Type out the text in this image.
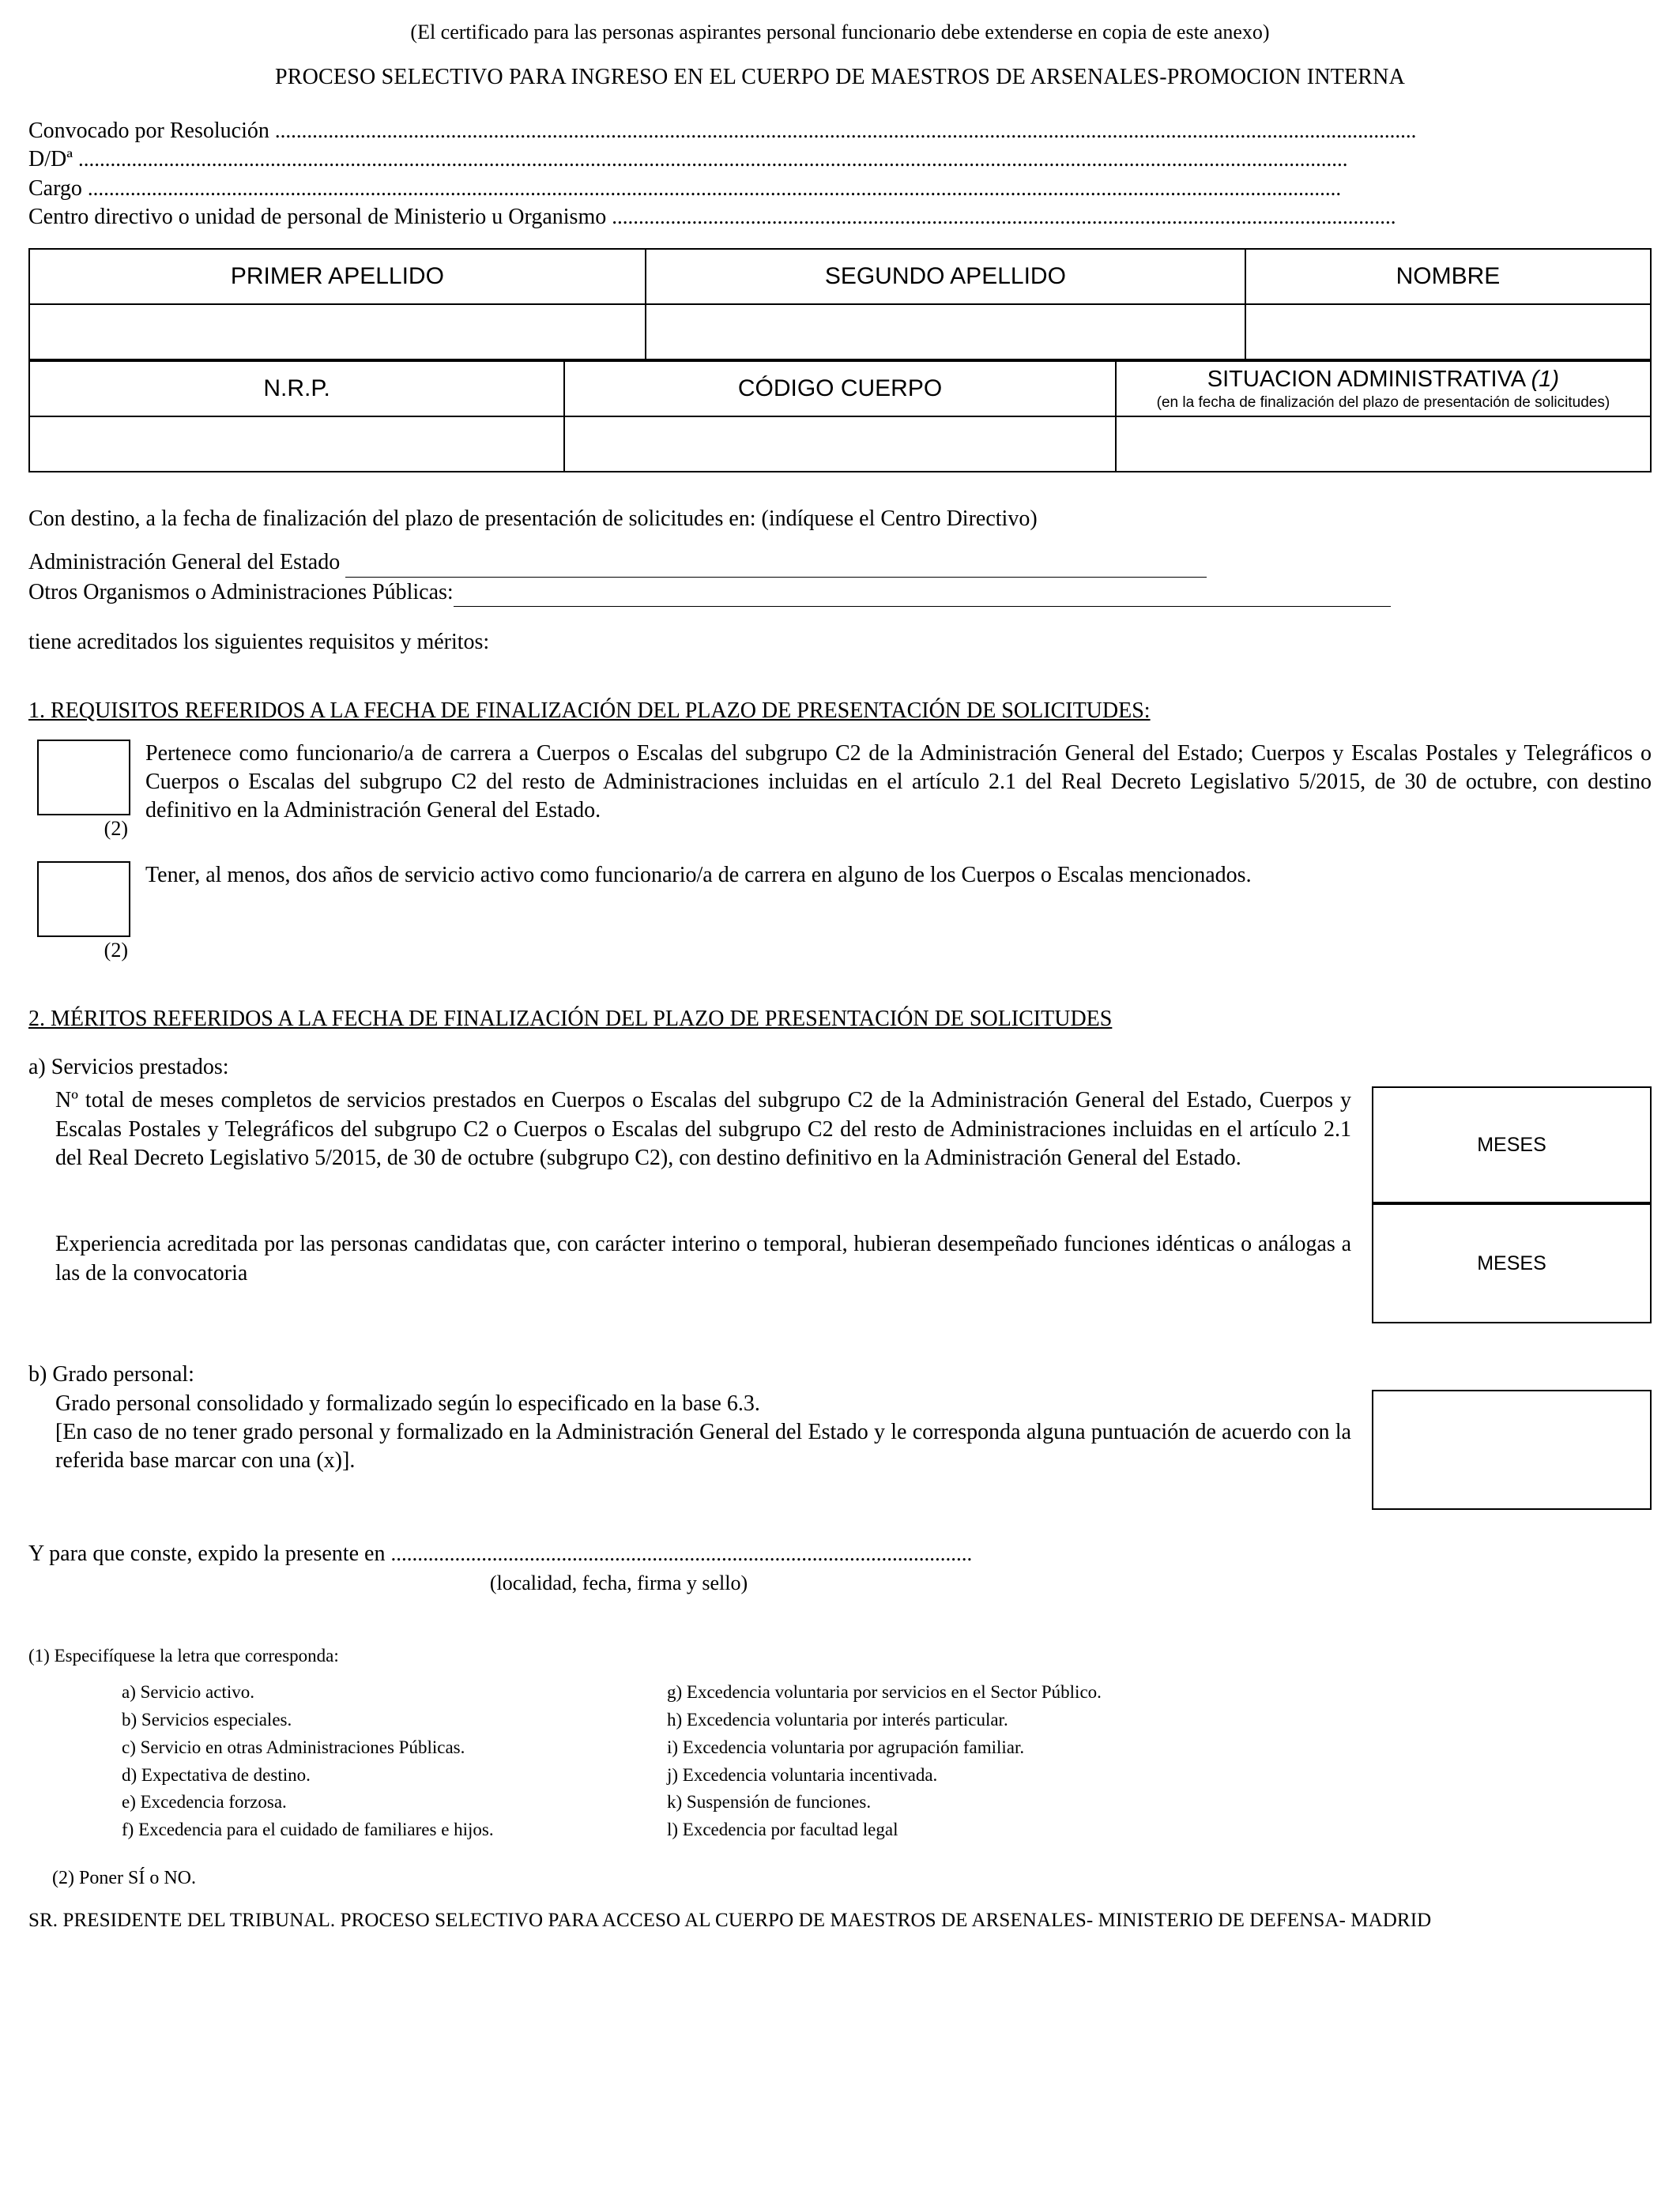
(El certificado para las personas aspirantes personal funcionario debe extenderse en copia de este anexo)
PROCESO SELECTIVO PARA INGRESO EN EL CUERPO DE MAESTROS DE ARSENALES-PROMOCION INTERNA
Convocado por Resolución ......................................................................................................................................................................................................................
D/Dª ..............................................................................................................................................................................................................................................
Cargo ...........................................................................................................................................................................................................................................
Centro directivo o unidad de personal de Ministerio u Organismo ...................................................................................................................................................
PRIMER APELLIDO	SEGUNDO APELLIDO	NOMBRE

N.R.P.	CÓDIGO CUERPO	SITUACION ADMINISTRATIVA (1)
(en la fecha de finalización del plazo de presentación de solicitudes)

Con destino, a la fecha de finalización del plazo de presentación de solicitudes en: (indíquese el Centro Directivo)
Administración General del Estado
Otros Organismos o Administraciones Públicas:
tiene acreditados los siguientes requisitos y méritos:
1. REQUISITOS REFERIDOS A LA FECHA DE FINALIZACIÓN DEL PLAZO DE PRESENTACIÓN DE SOLICITUDES:
(2)
Pertenece como funcionario/a de carrera a Cuerpos o Escalas del subgrupo C2 de la Administración General del Estado; Cuerpos y Escalas Postales y Telegráficos o Cuerpos o Escalas del subgrupo C2 del resto de Administraciones incluidas en el artículo 2.1 del Real Decreto Legislativo 5/2015, de 30 de octubre, con destino definitivo en la Administración General del Estado.
(2)
Tener, al menos, dos años de servicio activo como funcionario/a de carrera en alguno de los Cuerpos o Escalas mencionados.
2. MÉRITOS REFERIDOS A LA FECHA DE FINALIZACIÓN DEL PLAZO DE PRESENTACIÓN DE SOLICITUDES
a) Servicios prestados:
Nº total de meses completos de servicios prestados en Cuerpos o Escalas del subgrupo C2 de la Administración General del Estado, Cuerpos y Escalas Postales y Telegráficos del subgrupo C2 o Cuerpos o Escalas del subgrupo C2 del resto de Administraciones incluidas en el artículo 2.1 del Real Decreto Legislativo 5/2015, de 30 de octubre (subgrupo C2), con destino definitivo en la Administración General del Estado.
MESES
Experiencia acreditada por las personas candidatas que, con carácter interino o temporal, hubieran desempeñado funciones idénticas o análogas a las de la convocatoria	MESES
b) Grado personal:
Grado personal consolidado y formalizado según lo especificado en la base 6.3.
[En caso de no tener grado personal y formalizado en la Administración General del Estado y le corresponda alguna puntuación de acuerdo con la referida base marcar con una (x)].
Y para que conste, expido la presente en .............................................................................................................
(localidad, fecha, firma y sello)
(1) Especifíquese la letra que corresponda:
a) Servicio activo.
b) Servicios especiales.
c) Servicio en otras Administraciones Públicas.
d) Expectativa de destino.
e) Excedencia forzosa.
f) Excedencia para el cuidado de familiares e hijos.
g) Excedencia voluntaria por servicios en el Sector Público.
h) Excedencia voluntaria por interés particular.
i) Excedencia voluntaria por agrupación familiar.
j) Excedencia voluntaria incentivada.
k) Suspensión de funciones.
l) Excedencia por facultad legal
(2) Poner SÍ o NO.
SR. PRESIDENTE DEL TRIBUNAL. PROCESO SELECTIVO PARA ACCESO AL CUERPO DE MAESTROS DE ARSENALES- MINISTERIO DE DEFENSA- MADRID
